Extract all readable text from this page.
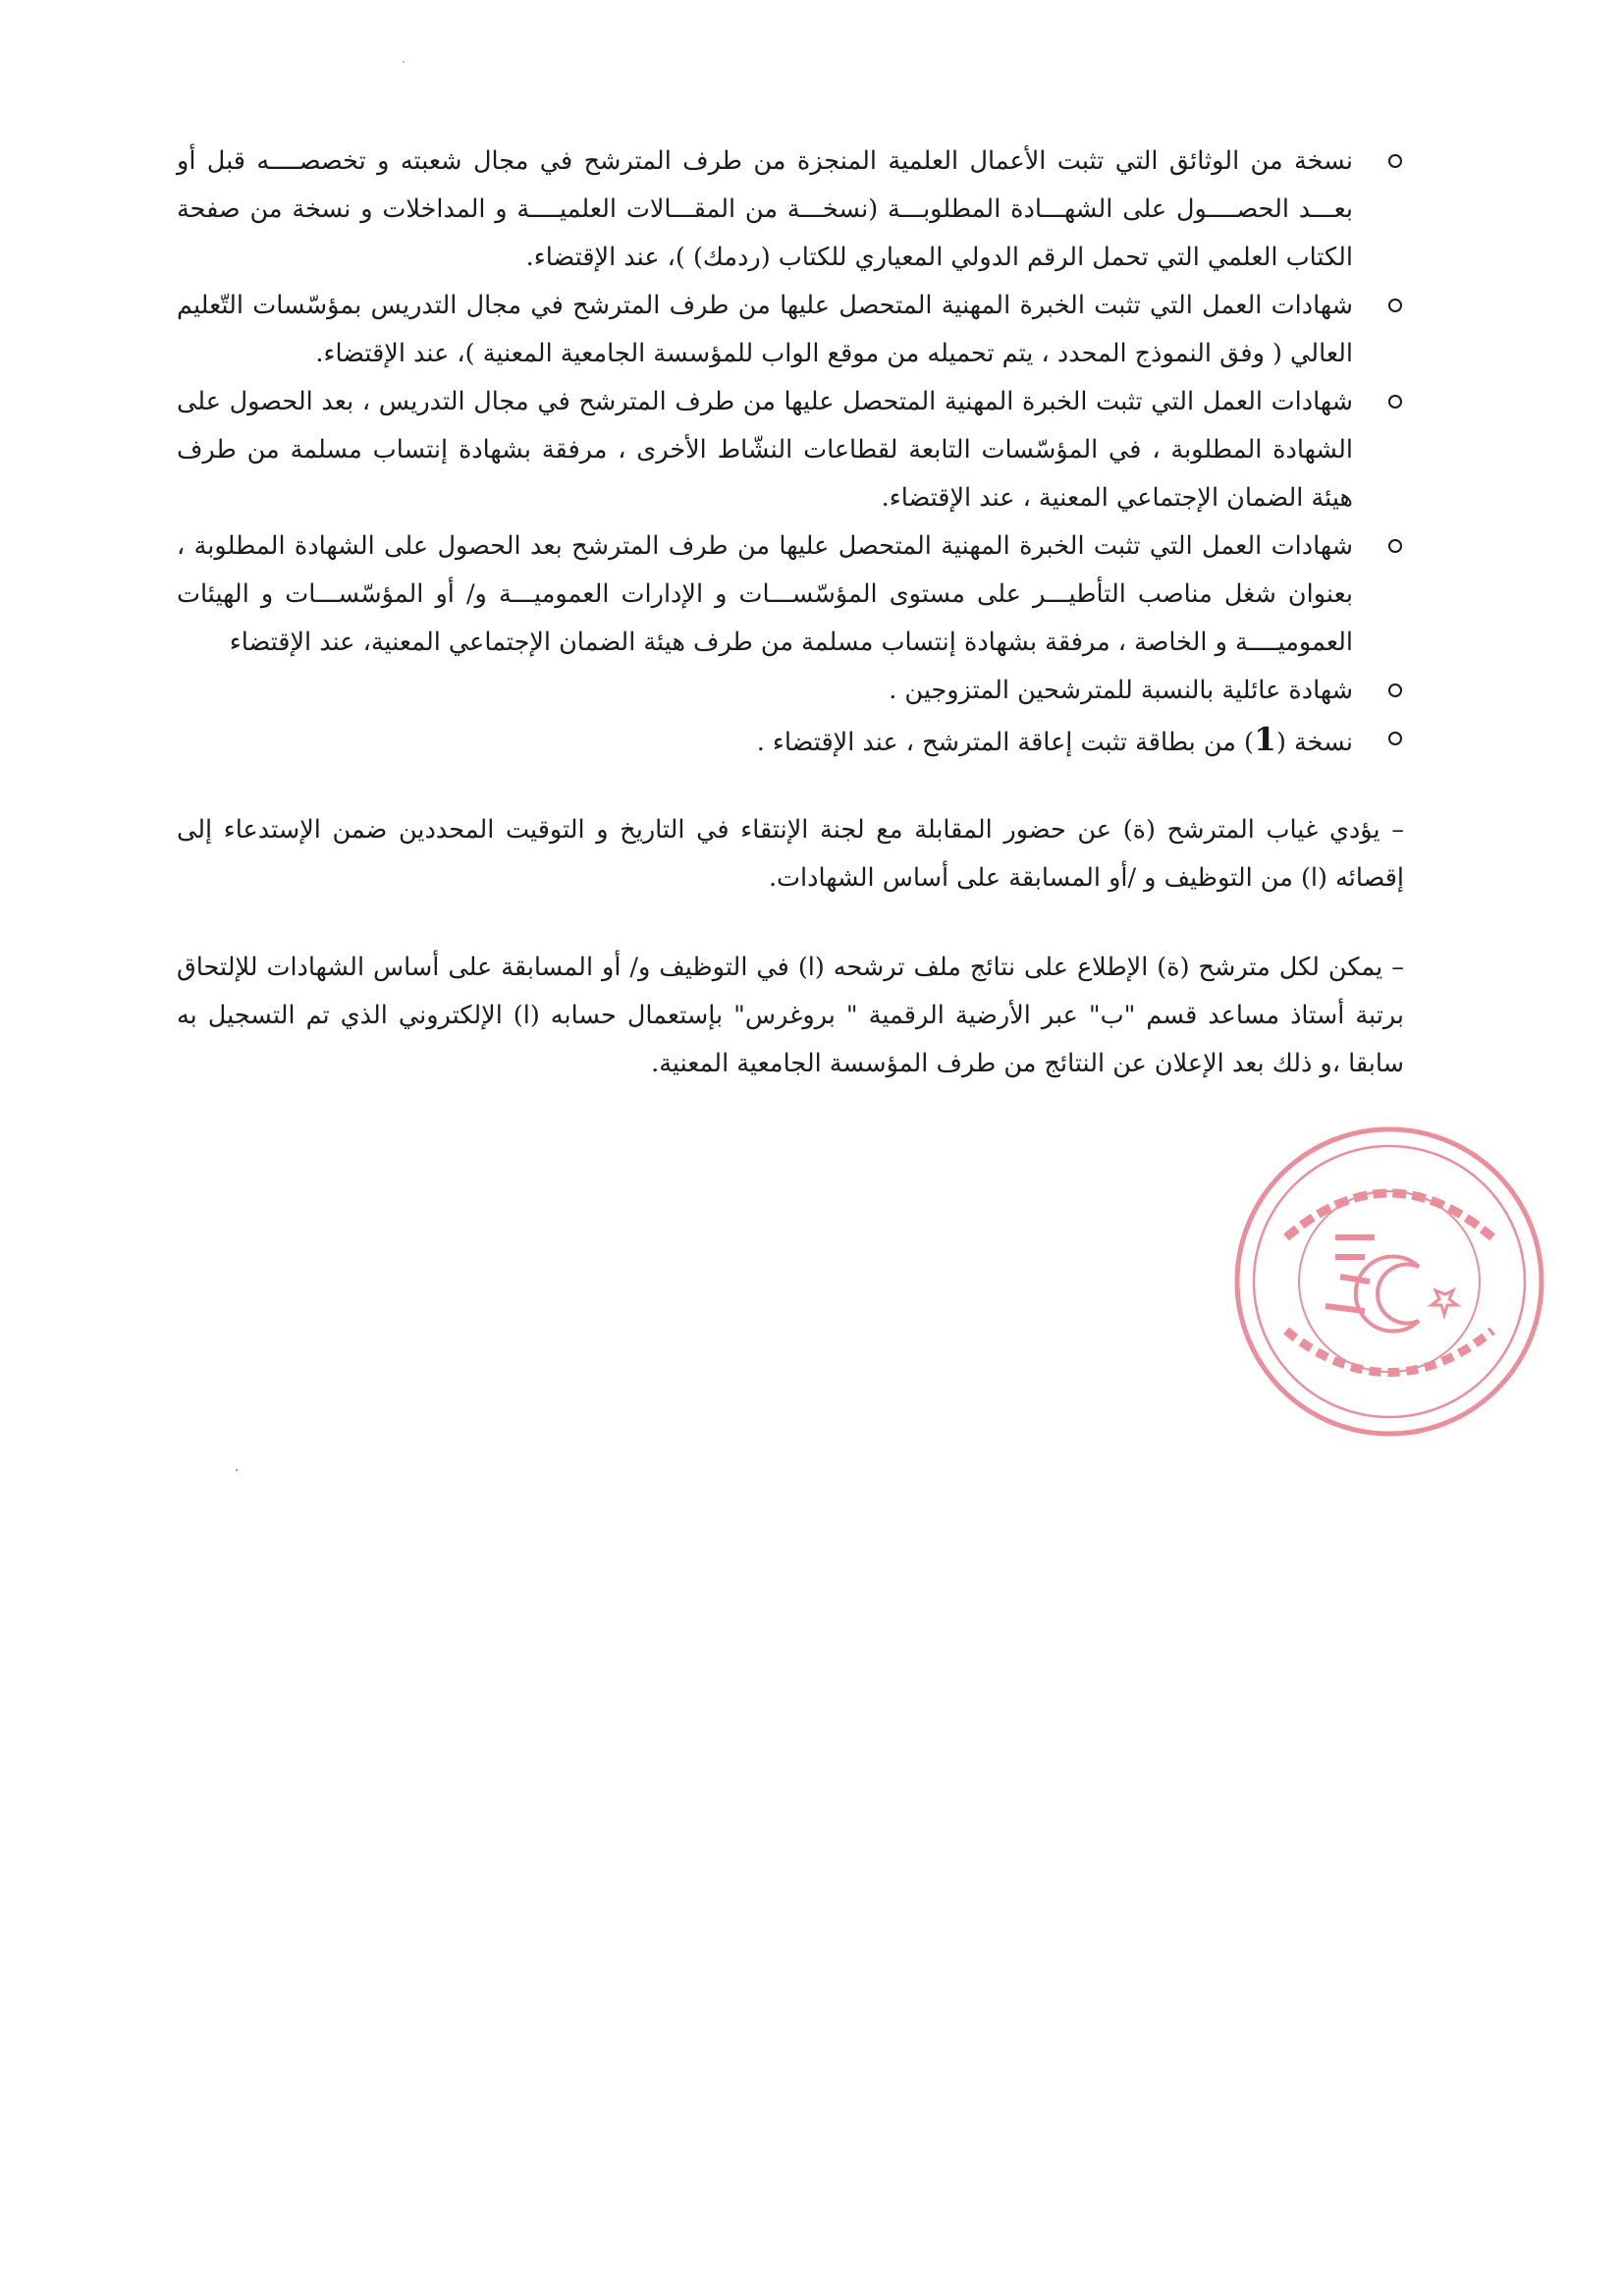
نسخة من الوثائق التي تثبت الأعمال العلمية المنجزة من طرف المترشح في مجال شعبته و تخصصــــه قبل أو بعـــد الحصــــول على الشهـــادة المطلوبـــة (نسخـــة من المقـــالات العلميــــة و المداخلات و نسخة من صفحة الكتاب العلمي التي تحمل الرقم الدولي المعياري للكتاب (ردمك) )، عند الإقتضاء.
شهادات العمل التي تثبت الخبرة المهنية المتحصل عليها من طرف المترشح في مجال التدريس بمؤسّسات التّعليم العالي ( وفق النموذج المحدد ، يتم تحميله من موقع الواب للمؤسسة الجامعية المعنية )، عند الإقتضاء.
شهادات العمل التي تثبت الخبرة المهنية المتحصل عليها من طرف المترشح في مجال التدريس ، بعد الحصول على الشهادة المطلوبة ، في المؤسّسات التابعة لقطاعات النشّاط الأخرى ، مرفقة بشهادة إنتساب مسلمة من طرف هيئة الضمان الإجتماعي المعنية ، عند الإقتضاء.
شهادات العمل التي تثبت الخبرة المهنية المتحصل عليها من طرف المترشح بعد الحصول على الشهادة المطلوبة ، بعنوان شغل مناصب التأطيـــر على مستوى المؤسّســـات و الإدارات العموميـــة و/ أو المؤسّســـات و الهيئات العموميــــة و الخاصة ، مرفقة بشهادة إنتساب مسلمة من طرف هيئة الضمان الإجتماعي المعنية، عند الإقتضاء
شهادة عائلية بالنسبة للمترشحين المتزوجين .
نسخة (1) من بطاقة تثبت إعاقة المترشح ، عند الإقتضاء .

– يؤدي غياب المترشح (ة) عن حضور المقابلة مع لجنة الإنتقاء في التاريخ و التوقيت المحددين ضمن الإستدعاء إلى إقصائه (ا) من التوظيف و /أو المسابقة على أساس الشهادات.

– يمكن لكل مترشح (ة) الإطلاع على نتائج ملف ترشحه (ا) في التوظيف و/ أو المسابقة على أساس الشهادات للإلتحاق برتبة أستاذ مساعد قسم "ب" عبر الأرضية الرقمية " بروغرس" بإستعمال حسابه (ا) الإلكتروني الذي تم التسجيل به سابقا ،و ذلك بعد الإعلان عن النتائج من طرف المؤسسة الجامعية المعنية.
